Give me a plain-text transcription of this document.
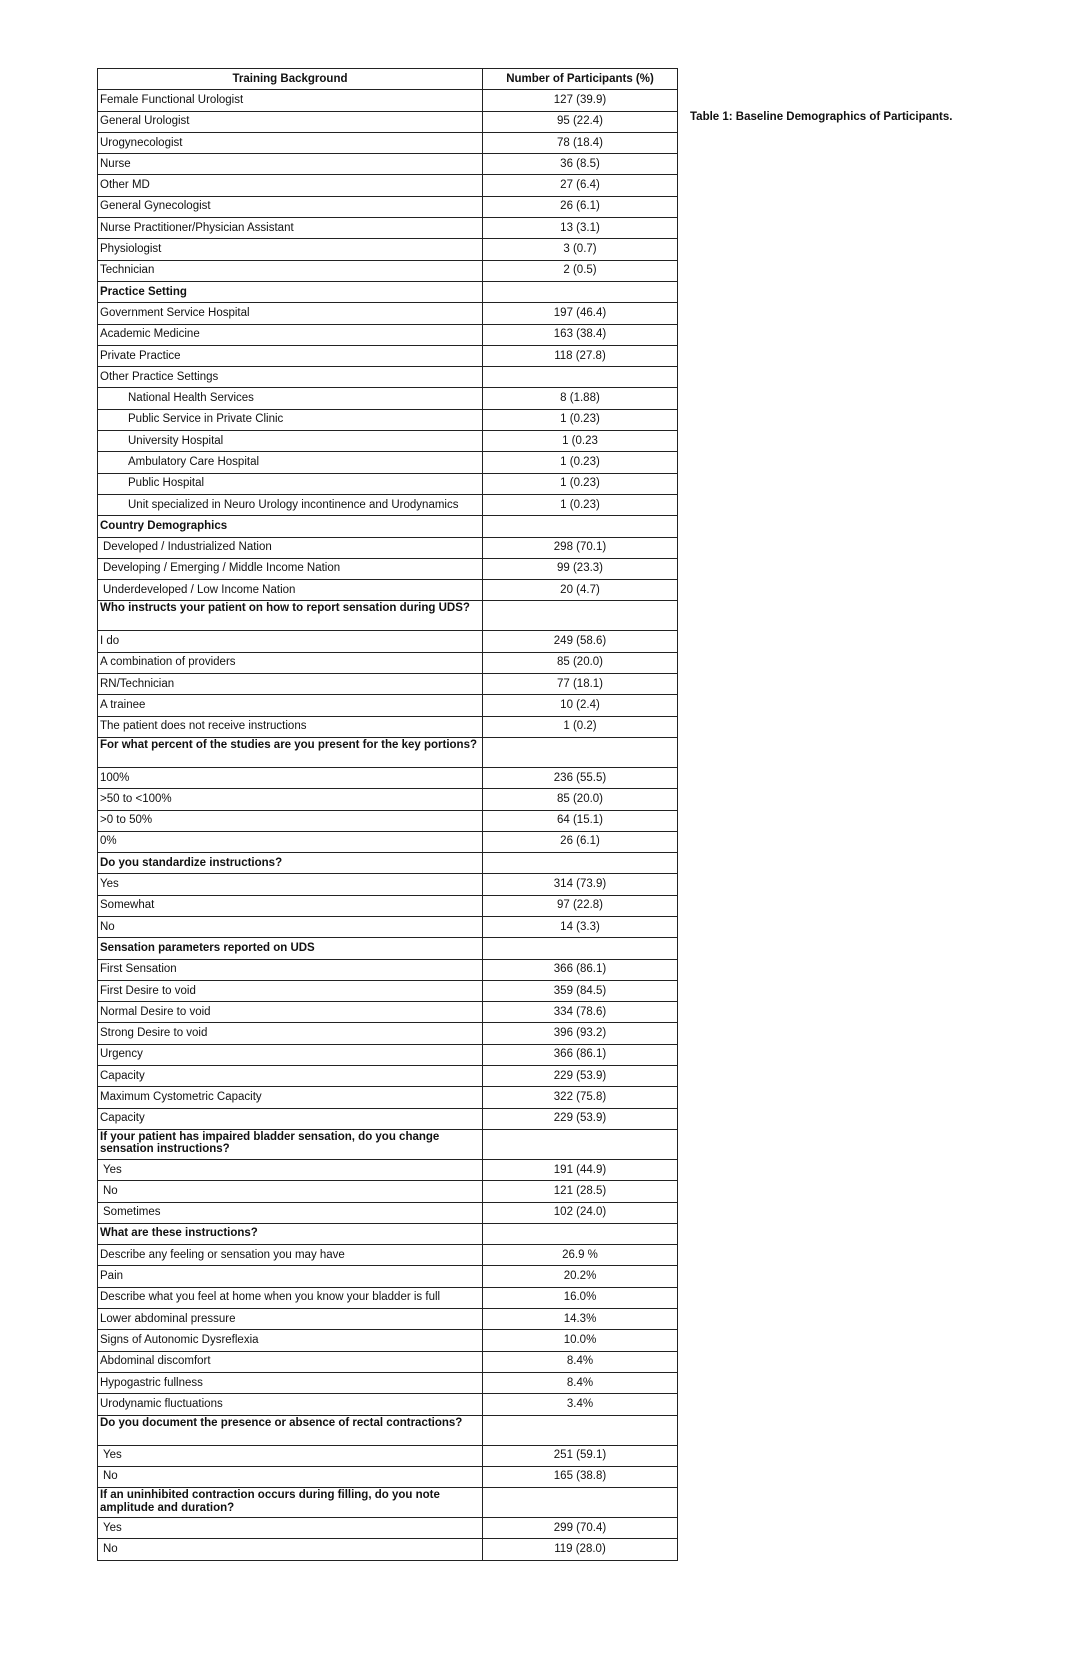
Training Background	Number of Participants (%)
Female Functional Urologist	127 (39.9)
General Urologist	95 (22.4)
Urogynecologist	78 (18.4)
Nurse	36 (8.5)
Other MD	27 (6.4)
General Gynecologist	26 (6.1)
Nurse Practitioner/Physician Assistant	13 (3.1)
Physiologist	3 (0.7)
Technician	2 (0.5)
Practice Setting	
Government Service Hospital	197 (46.4)
Academic Medicine	163 (38.4)
Private Practice	118 (27.8)
Other Practice Settings	
National Health Services	8 (1.88)
Public Service in Private Clinic	1 (0.23)
University Hospital	1 (0.23
Ambulatory Care Hospital	1 (0.23)
Public Hospital	1 (0.23)
Unit specialized in Neuro Urology incontinence and Urodynamics	1 (0.23)
Country Demographics	
Developed / Industrialized Nation	298 (70.1)
Developing / Emerging / Middle Income Nation	99 (23.3)
Underdeveloped / Low Income Nation	20 (4.7)
Who instructs your patient on how to report sensation during UDS?	
I do	249 (58.6)
A combination of providers	85 (20.0)
RN/Technician	77 (18.1)
A trainee	10 (2.4)
The patient does not receive instructions	1 (0.2)
For what percent of the studies are you present for the key portions?	
100%	236 (55.5)
>50 to <100%	85 (20.0)
>0 to 50%	64 (15.1)
0%	26 (6.1)
Do you standardize instructions?	
Yes	314 (73.9)
Somewhat	97 (22.8)
No	14 (3.3)
Sensation parameters reported on UDS	
First Sensation	366 (86.1)
First Desire to void	359 (84.5)
Normal Desire to void	334 (78.6)
Strong Desire to void	396 (93.2)
Urgency	366 (86.1)
Capacity	229 (53.9)
Maximum Cystometric Capacity	322 (75.8)
Capacity	229 (53.9)
If your patient has impaired bladder sensation, do you change sensation instructions?	
Yes	191 (44.9)
No	121 (28.5)
Sometimes	102 (24.0)
What are these instructions?	
Describe any feeling or sensation you may have	26.9 %
Pain	20.2%
Describe what you feel at home when you know your bladder is full	16.0%
Lower abdominal pressure	14.3%
Signs of Autonomic Dysreflexia	10.0%
Abdominal discomfort	8.4%
Hypogastric fullness	8.4%
Urodynamic fluctuations	3.4%
Do you document the presence or absence of rectal contractions?	
Yes	251 (59.1)
No	165 (38.8)
If an uninhibited contraction occurs during filling, do you note amplitude and duration?	
Yes	299 (70.4)
No	119 (28.0)
Table 1: Baseline Demographics of Participants.
